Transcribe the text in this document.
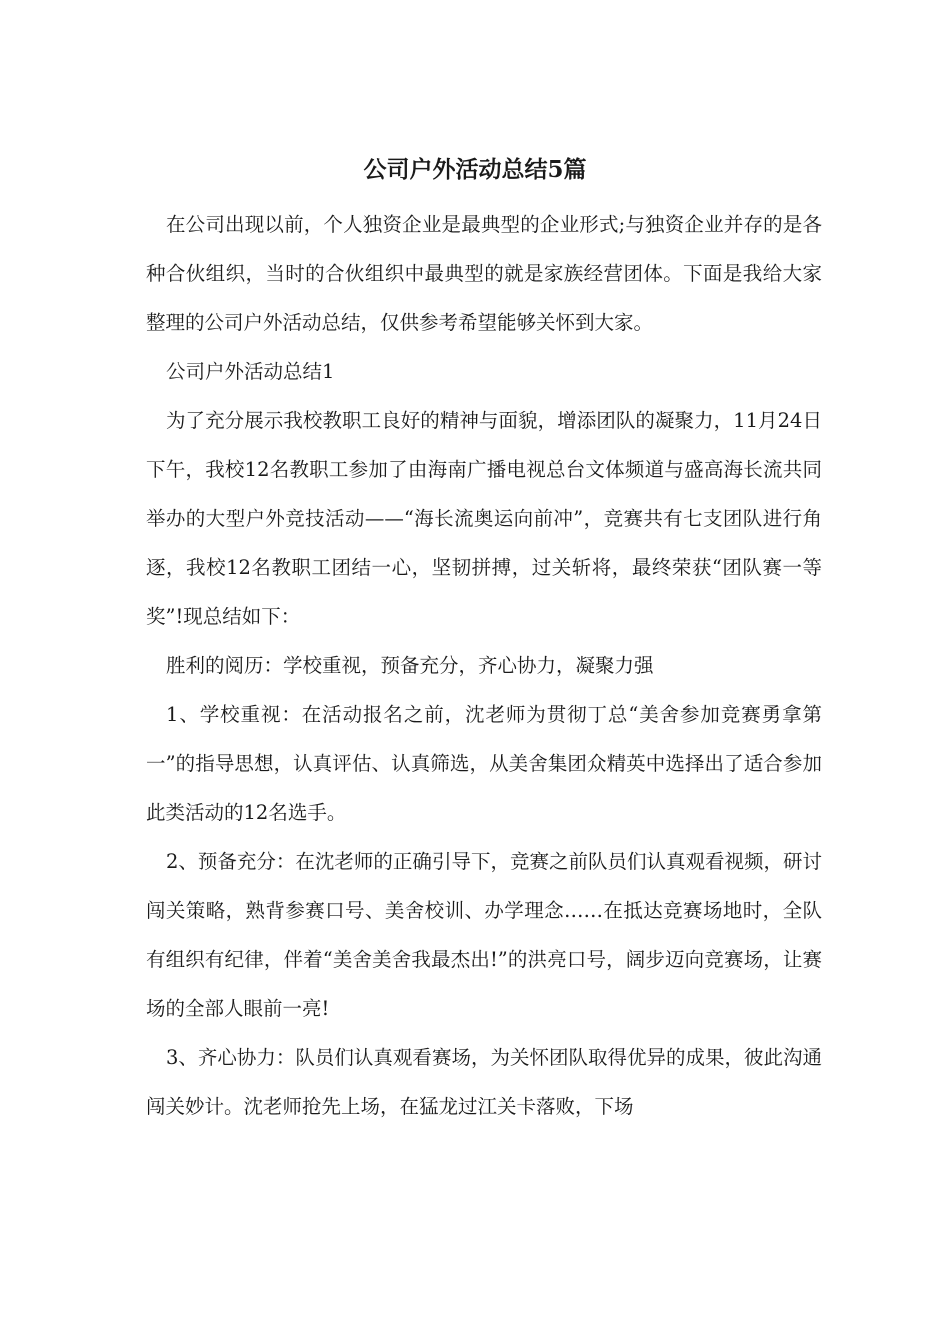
公司户外活动总结5篇

在公司出现以前，个人独资企业是最典型的企业形式;与独资企业并存的是各种合伙组织，当时的合伙组织中最典型的就是家族经营团体。下面是我给大家整理的公司户外活动总结，仅供参考希望能够关怀到大家。

公司户外活动总结1

为了充分展示我校教职工良好的精神与面貌，增添团队的凝聚力，11月24日下午，我校12名教职工参加了由海南广播电视总台文体频道与盛高海长流共同举办的大型户外竞技活动——“海长流奥运向前冲”，竞赛共有七支团队进行角逐，我校12名教职工团结一心，坚韧拼搏，过关斩将，最终荣获“团队赛一等奖”!现总结如下：

胜利的阅历：学校重视，预备充分，齐心协力，凝聚力强

1、学校重视：在活动报名之前，沈老师为贯彻丁总“美舍参加竞赛勇拿第一”的指导思想，认真评估、认真筛选，从美舍集团众精英中选择出了适合参加此类活动的12名选手。

2、预备充分：在沈老师的正确引导下，竞赛之前队员们认真观看视频，研讨闯关策略，熟背参赛口号、美舍校训、办学理念……在抵达竞赛场地时，全队有组织有纪律，伴着“美舍美舍我最杰出!”的洪亮口号，阔步迈向竞赛场，让赛场的全部人眼前一亮!

3、齐心协力：队员们认真观看赛场，为关怀团队取得优异的成果，彼此沟通闯关妙计。沈老师抢先上场，在猛龙过江关卡落败，下场
